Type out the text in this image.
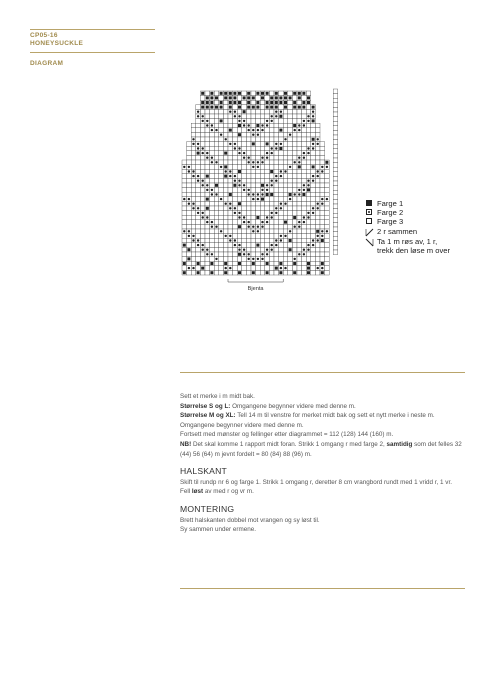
CP05-16
HONEYSUCKLE
DIAGRAM
Bjenta
Farge 1
Farge 2
Farge 3
2 r sammen
Ta 1 m røs av, 1 r,
trekk den løse m over

Sett et merke i m midt bak.

Størrelse S og L: Omgangene begynner videre med denne m.

Størrelse M og XL: Tell 14 m til venstre for merket midt bak og sett et nytt merke i neste m. Omgangene begynner videre med denne m.

Fortsett med mønster og fellinger etter diagrammet = 112 (128) 144 (160) m.

NB! Det skal komme 1 rapport midt foran. Strikk 1 omgang r med farge 2, samtidig som det felles 32 (44) 56 (64) m jevnt fordelt = 80 (84) 88 (96) m.

HALSKANT

Skift til rundp nr 6 og farge 1. Strikk 1 omgang r, deretter 8 cm vrangbord rundt med 1 vridd r, 1 vr.

Fell løst av med r og vr m.

MONTERING

Brett halskanten dobbel mot vrangen og sy løst til.

Sy sammen under ermene.
